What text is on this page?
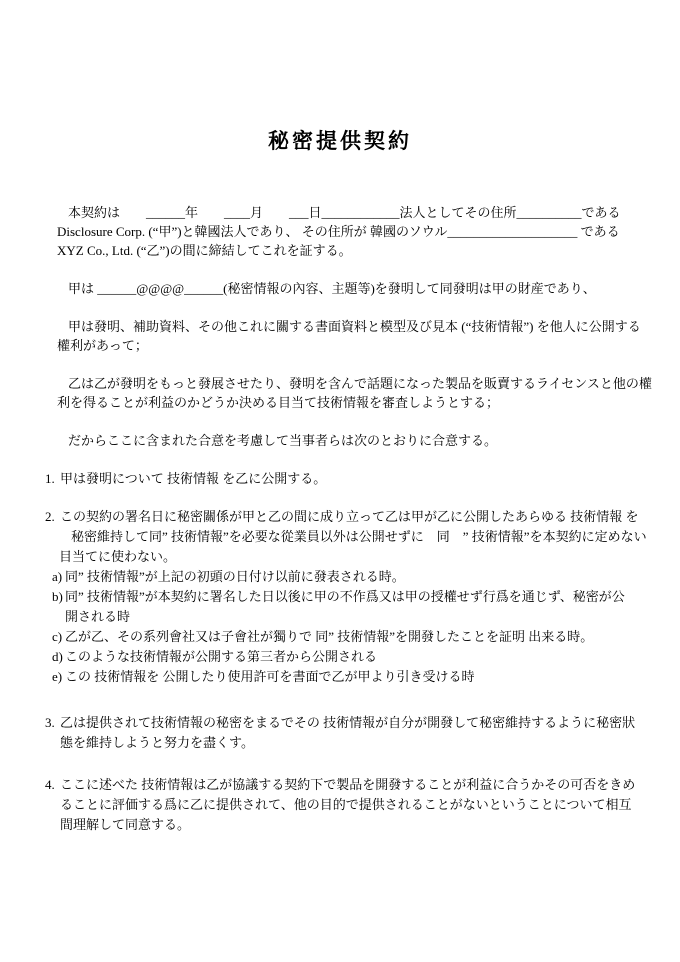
秘密提供契約
本契約は　　______年　　____月　　___日____________法人としてその住所__________である
Disclosure Corp. (“甲”)と韓國法人であり、 その住所が 韓國のソウル____________________ である
XYZ Co., Ltd. (“乙”)の間に締結してこれを証する。
甲は ______@@@@______(秘密情報の內容、主題等)を發明して同發明は甲の財産であり、
甲は發明、補助資料、その他これに關する書面資料と模型及び見本 (“技術情報”) を他人に公開する
權利があって；
乙は乙が發明をもっと發展させたり、發明を含んで話題になった製品を販賣するライセンスと他の權
利を得ることが利益のかどうか決める目当て技術情報を審査しようとする；
だからここに含まれた合意を考慮して当事者らは次のとおりに合意する。
1. 甲は發明について 技術情報 を乙に公開する。
2. この契約の署名日に秘密關係が甲と乙の間に成り立って乙は甲が乙に公開したあらゆる 技術情報 を
秘密維持して同” 技術情報”を必要な從業員以外は公開せずに　同　” 技術情報”を本契約に定めない
目当てに使わない。
a) 同” 技術情報”が上記の初頭の日付け以前に發表される時。
b) 同” 技術情報”が本契約に署名した日以後に甲の不作爲又は甲の授權せず行爲を通じず、秘密が公
開される時
c) 乙が乙、その系列會社又は子會社が獨りで 同” 技術情報”を開發したことを証明 出来る時。
d) このような技術情報が公開する第三者から公開される
e) この 技術情報を 公開したり使用許可を書面で乙が甲より引き受ける時
3. 乙は提供されて技術情報の秘密をまるでその 技術情報が自分が開發して秘密維持するように秘密狀
態を維持しようと努力を盡くす。
4. ここに述べた 技術情報は乙が協議する契約下で製品を開發することが利益に合うかその可否をきめ
ることに評価する爲に乙に提供されて、他の目的で提供されることがないということについて相互
間理解して同意する。
